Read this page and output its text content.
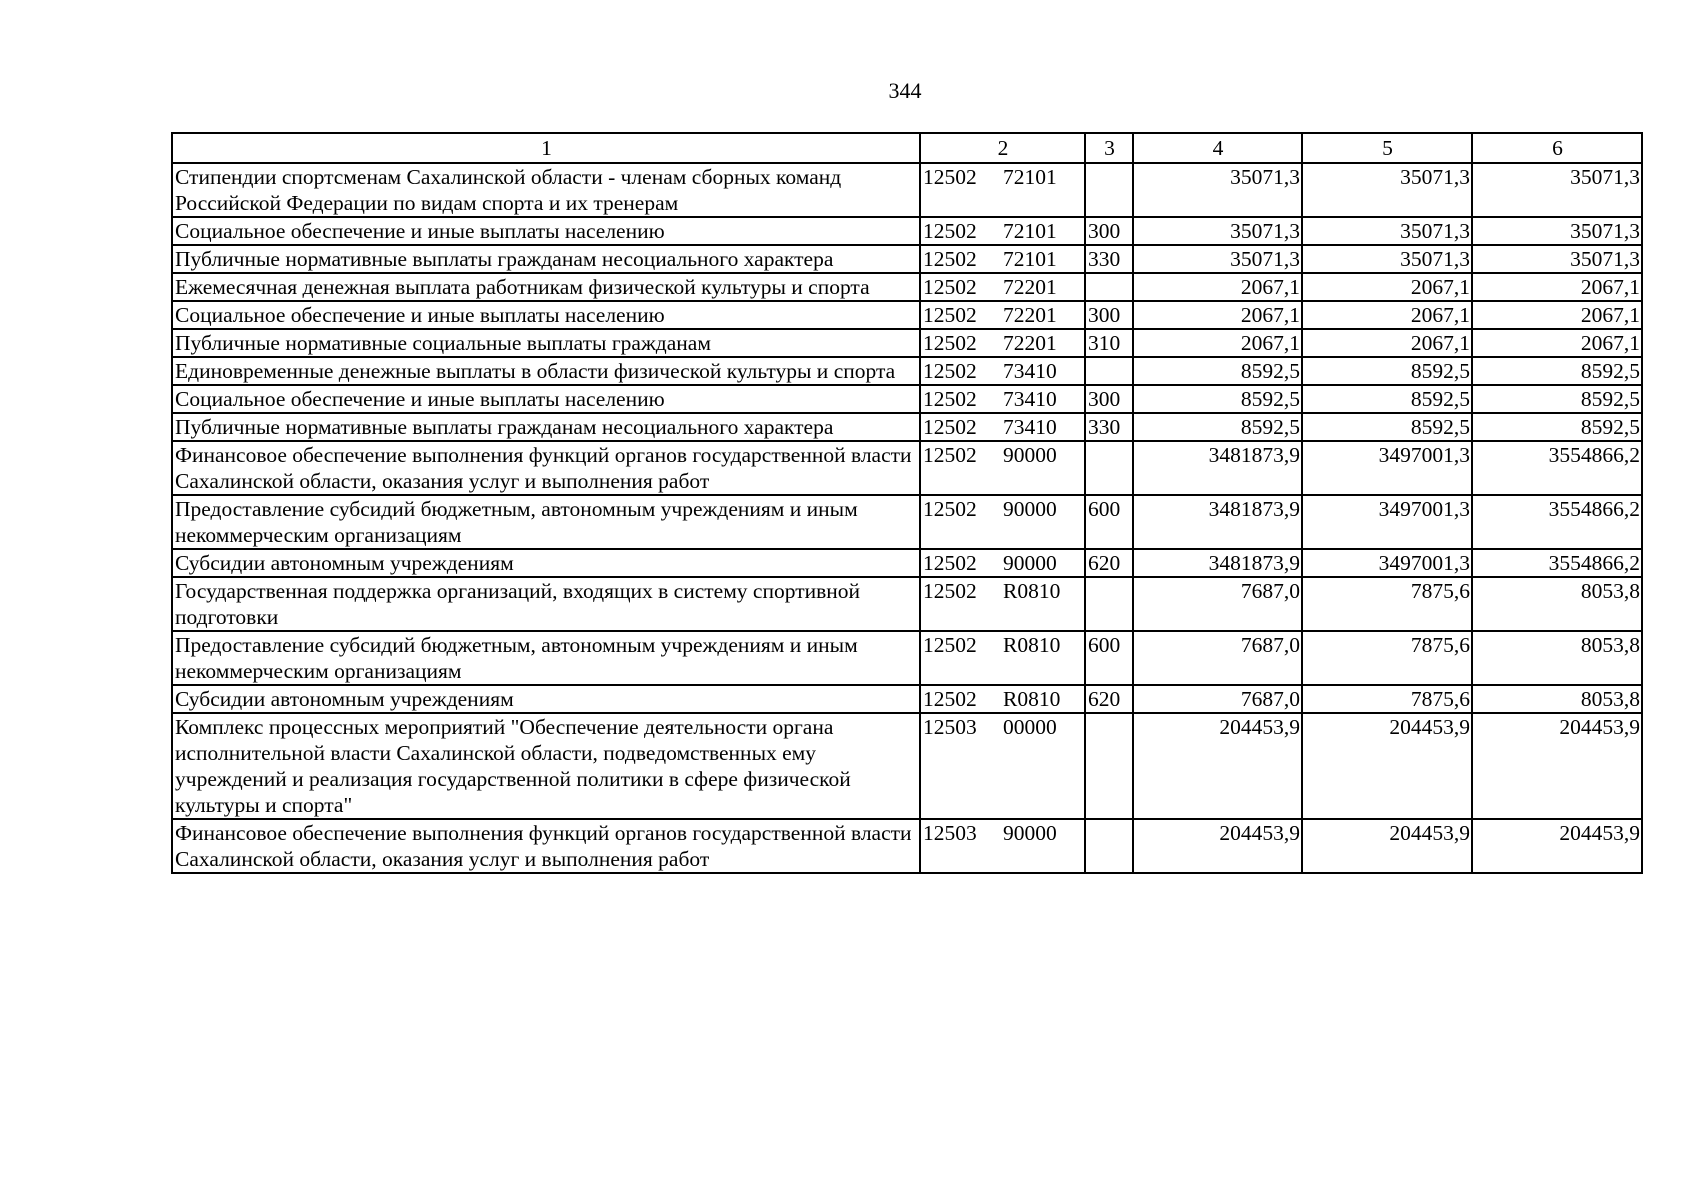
344
1	2	3	4	5	6
Стипендии спортсменам Сахалинской области - членам сборных команд Российской Федерации по видам спорта и их тренерам	12502 72101		35071,3	35071,3	35071,3
Социальное обеспечение и иные выплаты населению	12502 72101	300	35071,3	35071,3	35071,3
Публичные нормативные выплаты гражданам несоциального характера	12502 72101	330	35071,3	35071,3	35071,3
Ежемесячная денежная выплата работникам физической культуры и спорта	12502 72201		2067,1	2067,1	2067,1
Социальное обеспечение и иные выплаты населению	12502 72201	300	2067,1	2067,1	2067,1
Публичные нормативные социальные выплаты гражданам	12502 72201	310	2067,1	2067,1	2067,1
Единовременные денежные выплаты в области физической культуры и спорта	12502 73410		8592,5	8592,5	8592,5
Социальное обеспечение и иные выплаты населению	12502 73410	300	8592,5	8592,5	8592,5
Публичные нормативные выплаты гражданам несоциального характера	12502 73410	330	8592,5	8592,5	8592,5
Финансовое обеспечение выполнения функций органов государственной власти Сахалинской области, оказания услуг и выполнения работ	12502 90000		3481873,9	3497001,3	3554866,2
Предоставление субсидий бюджетным, автономным учреждениям и иным некоммерческим организациям	12502 90000	600	3481873,9	3497001,3	3554866,2
Субсидии автономным учреждениям	12502 90000	620	3481873,9	3497001,3	3554866,2
Государственная поддержка организаций, входящих в систему спортивной подготовки	12502 R0810		7687,0	7875,6	8053,8
Предоставление субсидий бюджетным, автономным учреждениям и иным некоммерческим организациям	12502 R0810	600	7687,0	7875,6	8053,8
Субсидии автономным учреждениям	12502 R0810	620	7687,0	7875,6	8053,8
Комплекс процессных мероприятий "Обеспечение деятельности органа исполнительной власти Сахалинской области, подведомственных ему учреждений и реализация государственной политики в сфере физической культуры и спорта"	12503 00000		204453,9	204453,9	204453,9
Финансовое обеспечение выполнения функций органов государственной власти Сахалинской области, оказания услуг и выполнения работ	12503 90000		204453,9	204453,9	204453,9
